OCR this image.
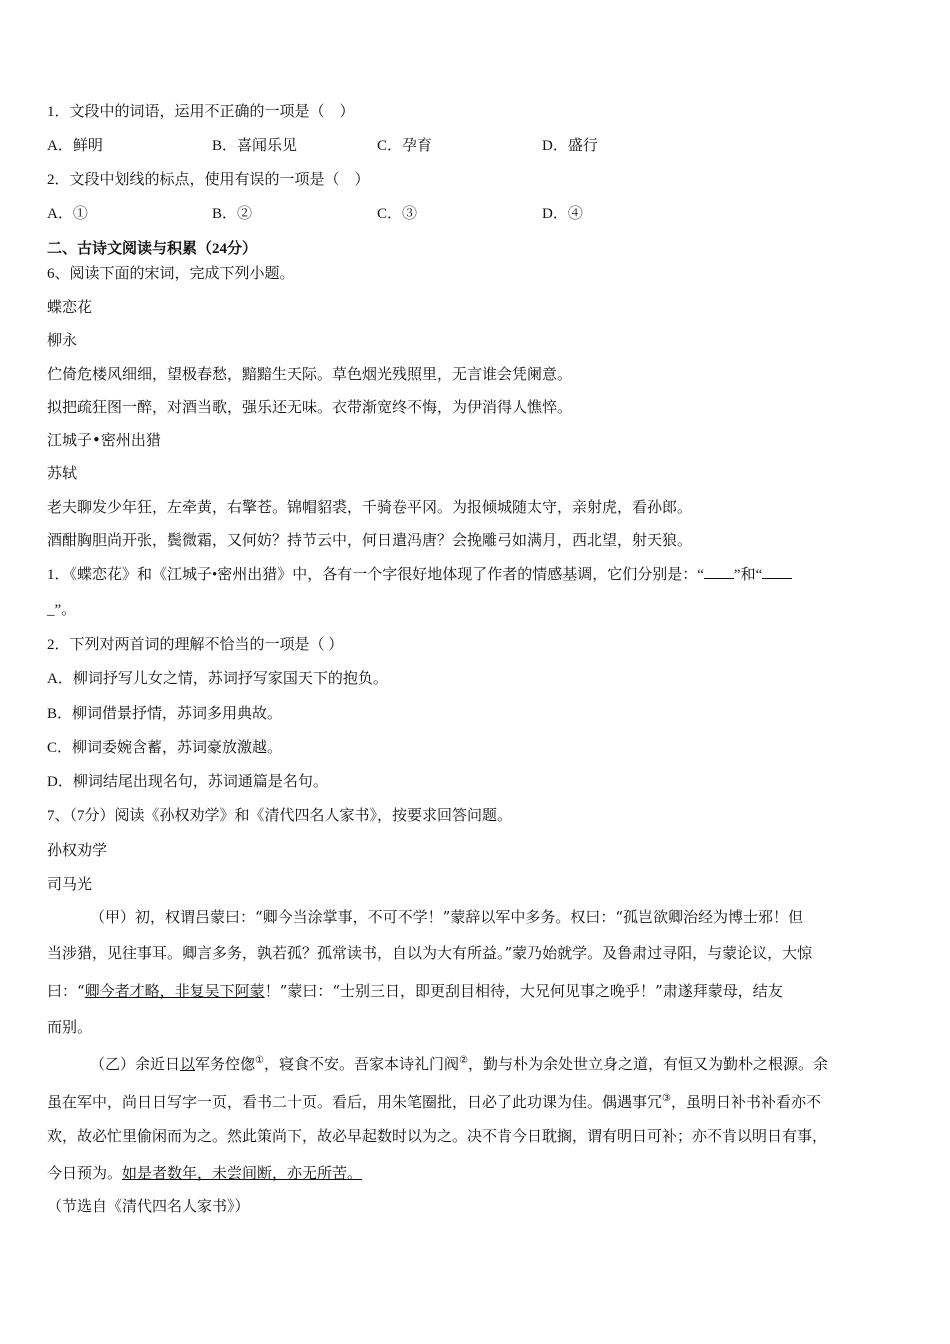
1．文段中的词语，运用不正确的一项是（　）
A．鲜明	B．喜闻乐见	C．孕育	D．盛行
2．文段中划线的标点，使用有误的一项是（　）
A．①	B．②	C．③	D．④
二、古诗文阅读与积累（24分）
6、阅读下面的宋词，完成下列小题。
蝶恋花
柳永
伫倚危楼风细细，望极春愁，黯黯生天际。草色烟光残照里，无言谁会凭阑意。
拟把疏狂图一醉，对酒当歌，强乐还无味。衣带渐宽终不悔，为伊消得人憔悴。
江城子•密州出猎
苏轼
老夫聊发少年狂，左牵黄，右擎苍。锦帽貂裘，千骑卷平冈。为报倾城随太守，亲射虎，看孙郎。
酒酣胸胆尚开张，鬓微霜，又何妨？持节云中，何日遣冯唐？会挽雕弓如满月，西北望，射天狼。
1．《蝶恋花》和《江城子•密州出猎》中，各有一个字很好地体现了作者的情感基调，它们分别是：“ ”和“
_”。
2．下列对两首词的理解不恰当的一项是（ ）
A．柳词抒写儿女之情，苏词抒写家国天下的抱负。
B．柳词借景抒情，苏词多用典故。
C．柳词委婉含蓄，苏词豪放激越。
D．柳词结尾出现名句，苏词通篇是名句。
7、（7分）阅读《孙权劝学》和《清代四名人家书》，按要求回答问题。
孙权劝学
司马光
（甲）初，权谓吕蒙曰：“卿今当涂掌事，不可不学！”蒙辞以军中多务。权曰：“孤岂欲卿治经为博士邪！但
当涉猎，见往事耳。卿言多务，孰若孤？孤常读书，自以为大有所益。”蒙乃始就学。及鲁肃过寻阳，与蒙论议，大惊
曰：“卿今者才略，非复吴下阿蒙！”蒙曰：“士别三日，即更刮目相待，大兄何见事之晚乎！”肃遂拜蒙母，结友
而别。
（乙）余近日以军务倥偬①，寝食不安。吾家本诗礼门阀②，勤与朴为余处世立身之道，有恒又为勤朴之根源。余
虽在军中，尚日日写字一页，看书二十页。看后，用朱笔圈批，日必了此功课为佳。偶遇事冗③，虽明日补书补看亦不
欢，故必忙里偷闲而为之。然此策尚下，故必早起数时以为之。决不肯今日耽搁，谓有明日可补；亦不肯以明日有事，
今日预为。如是者数年，未尝间断，亦无所苦。
（节选自《清代四名人家书》）
